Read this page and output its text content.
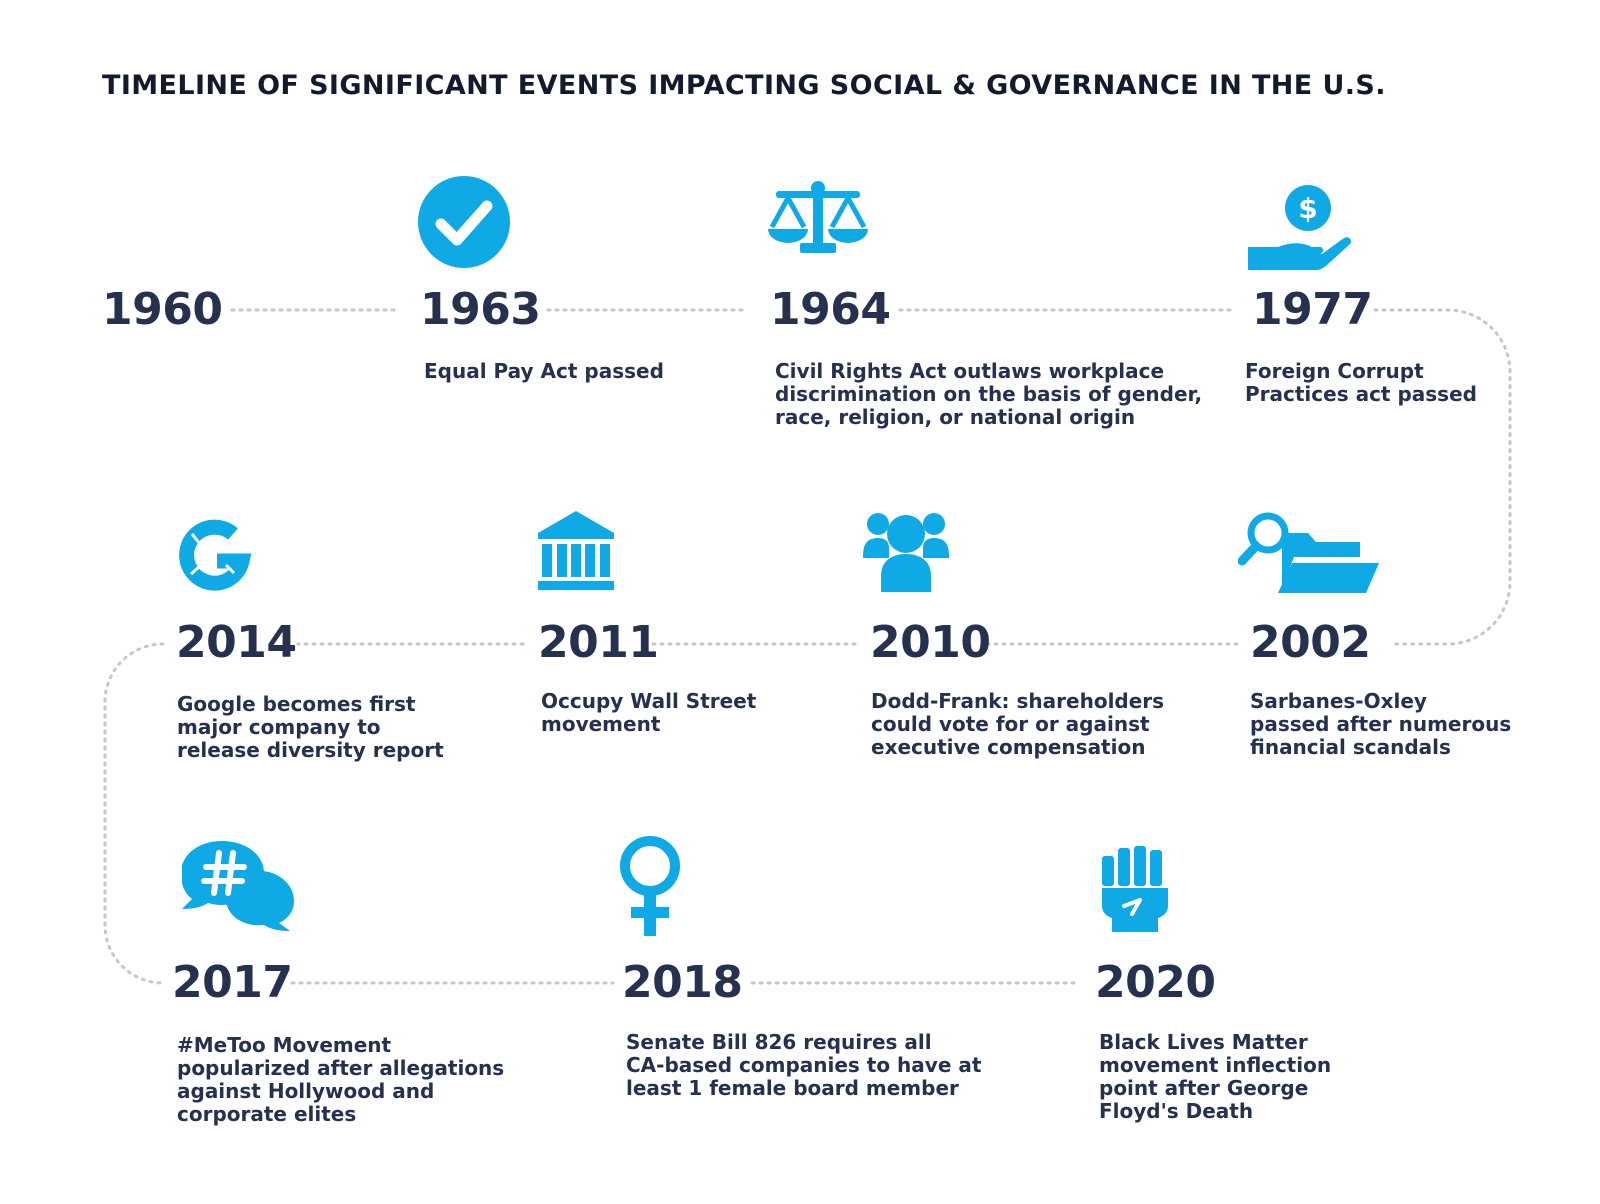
TIMELINE OF SIGNIFICANT EVENTS IMPACTING SOCIAL & GOVERNANCE IN THE U.S.
1960	1963
Equal Pay Act passed
1964
Civil Rights Act outlaws workplace
discrimination on the basis of gender,
race, religion, or national origin
$
1977
Foreign Corrupt
Practices act passed
2014
Google becomes first
major company to
release diversity report
2011
Occupy Wall Street
movement
2010
Dodd-Frank: shareholders
could vote for or against
executive compensation
2002
Sarbanes-Oxley
passed after numerous
financial scandals
2017
#MeToo Movement
popularized after allegations
against Hollywood and
corporate elites
2018
Senate Bill 826 requires all
CA-based companies to have at
least 1 female board member
2020
Black Lives Matter
movement inflection
point after George
Floyd's Death
